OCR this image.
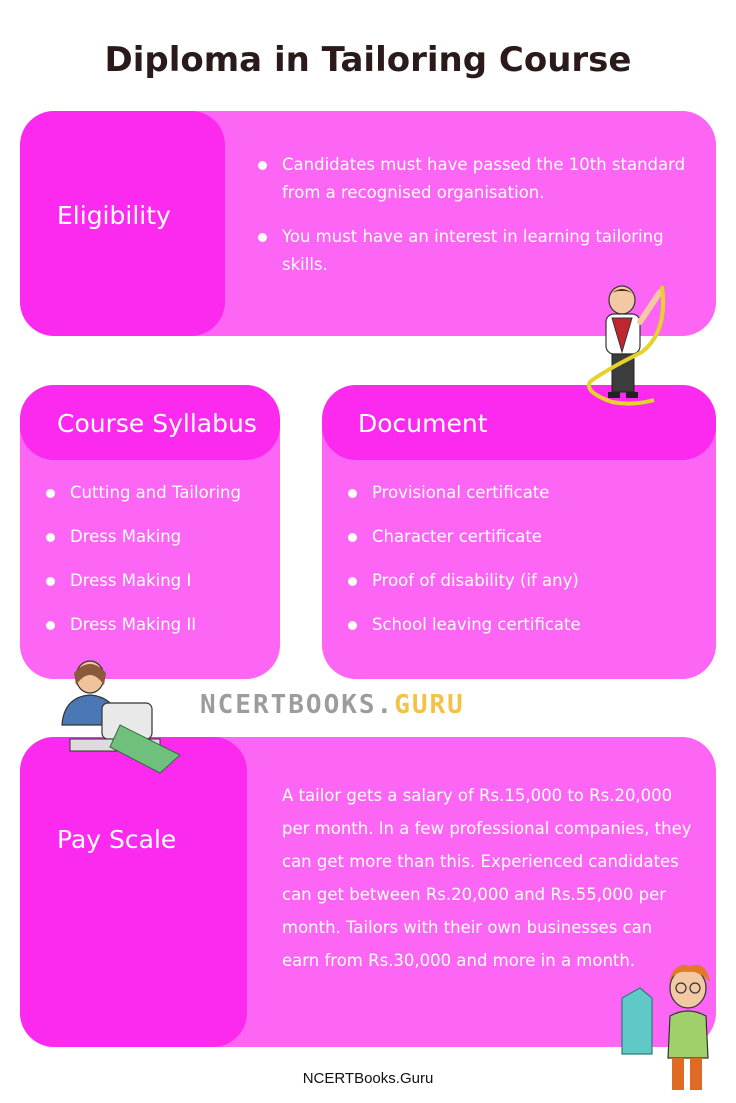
Diploma in Tailoring Course
Eligibility
Candidates must have passed the 10th standard from a recognised organisation.
You must have an interest in learning tailoring skills.
Course Syllabus
Cutting and Tailoring
Dress Making
Dress Making I
Dress Making II
Document
Provisional certificate
Character certificate
Proof of disability (if any)
School leaving certificate
NCERTBOOKS.GURU
Pay Scale
A tailor gets a salary of Rs.15,000 to Rs.20,000 per month. In a few professional companies, they can get more than this. Experienced candidates can get between Rs.20,000 and Rs.55,000 per month. Tailors with their own businesses can earn from Rs.30,000 and more in a month.
NCERTBooks.Guru
